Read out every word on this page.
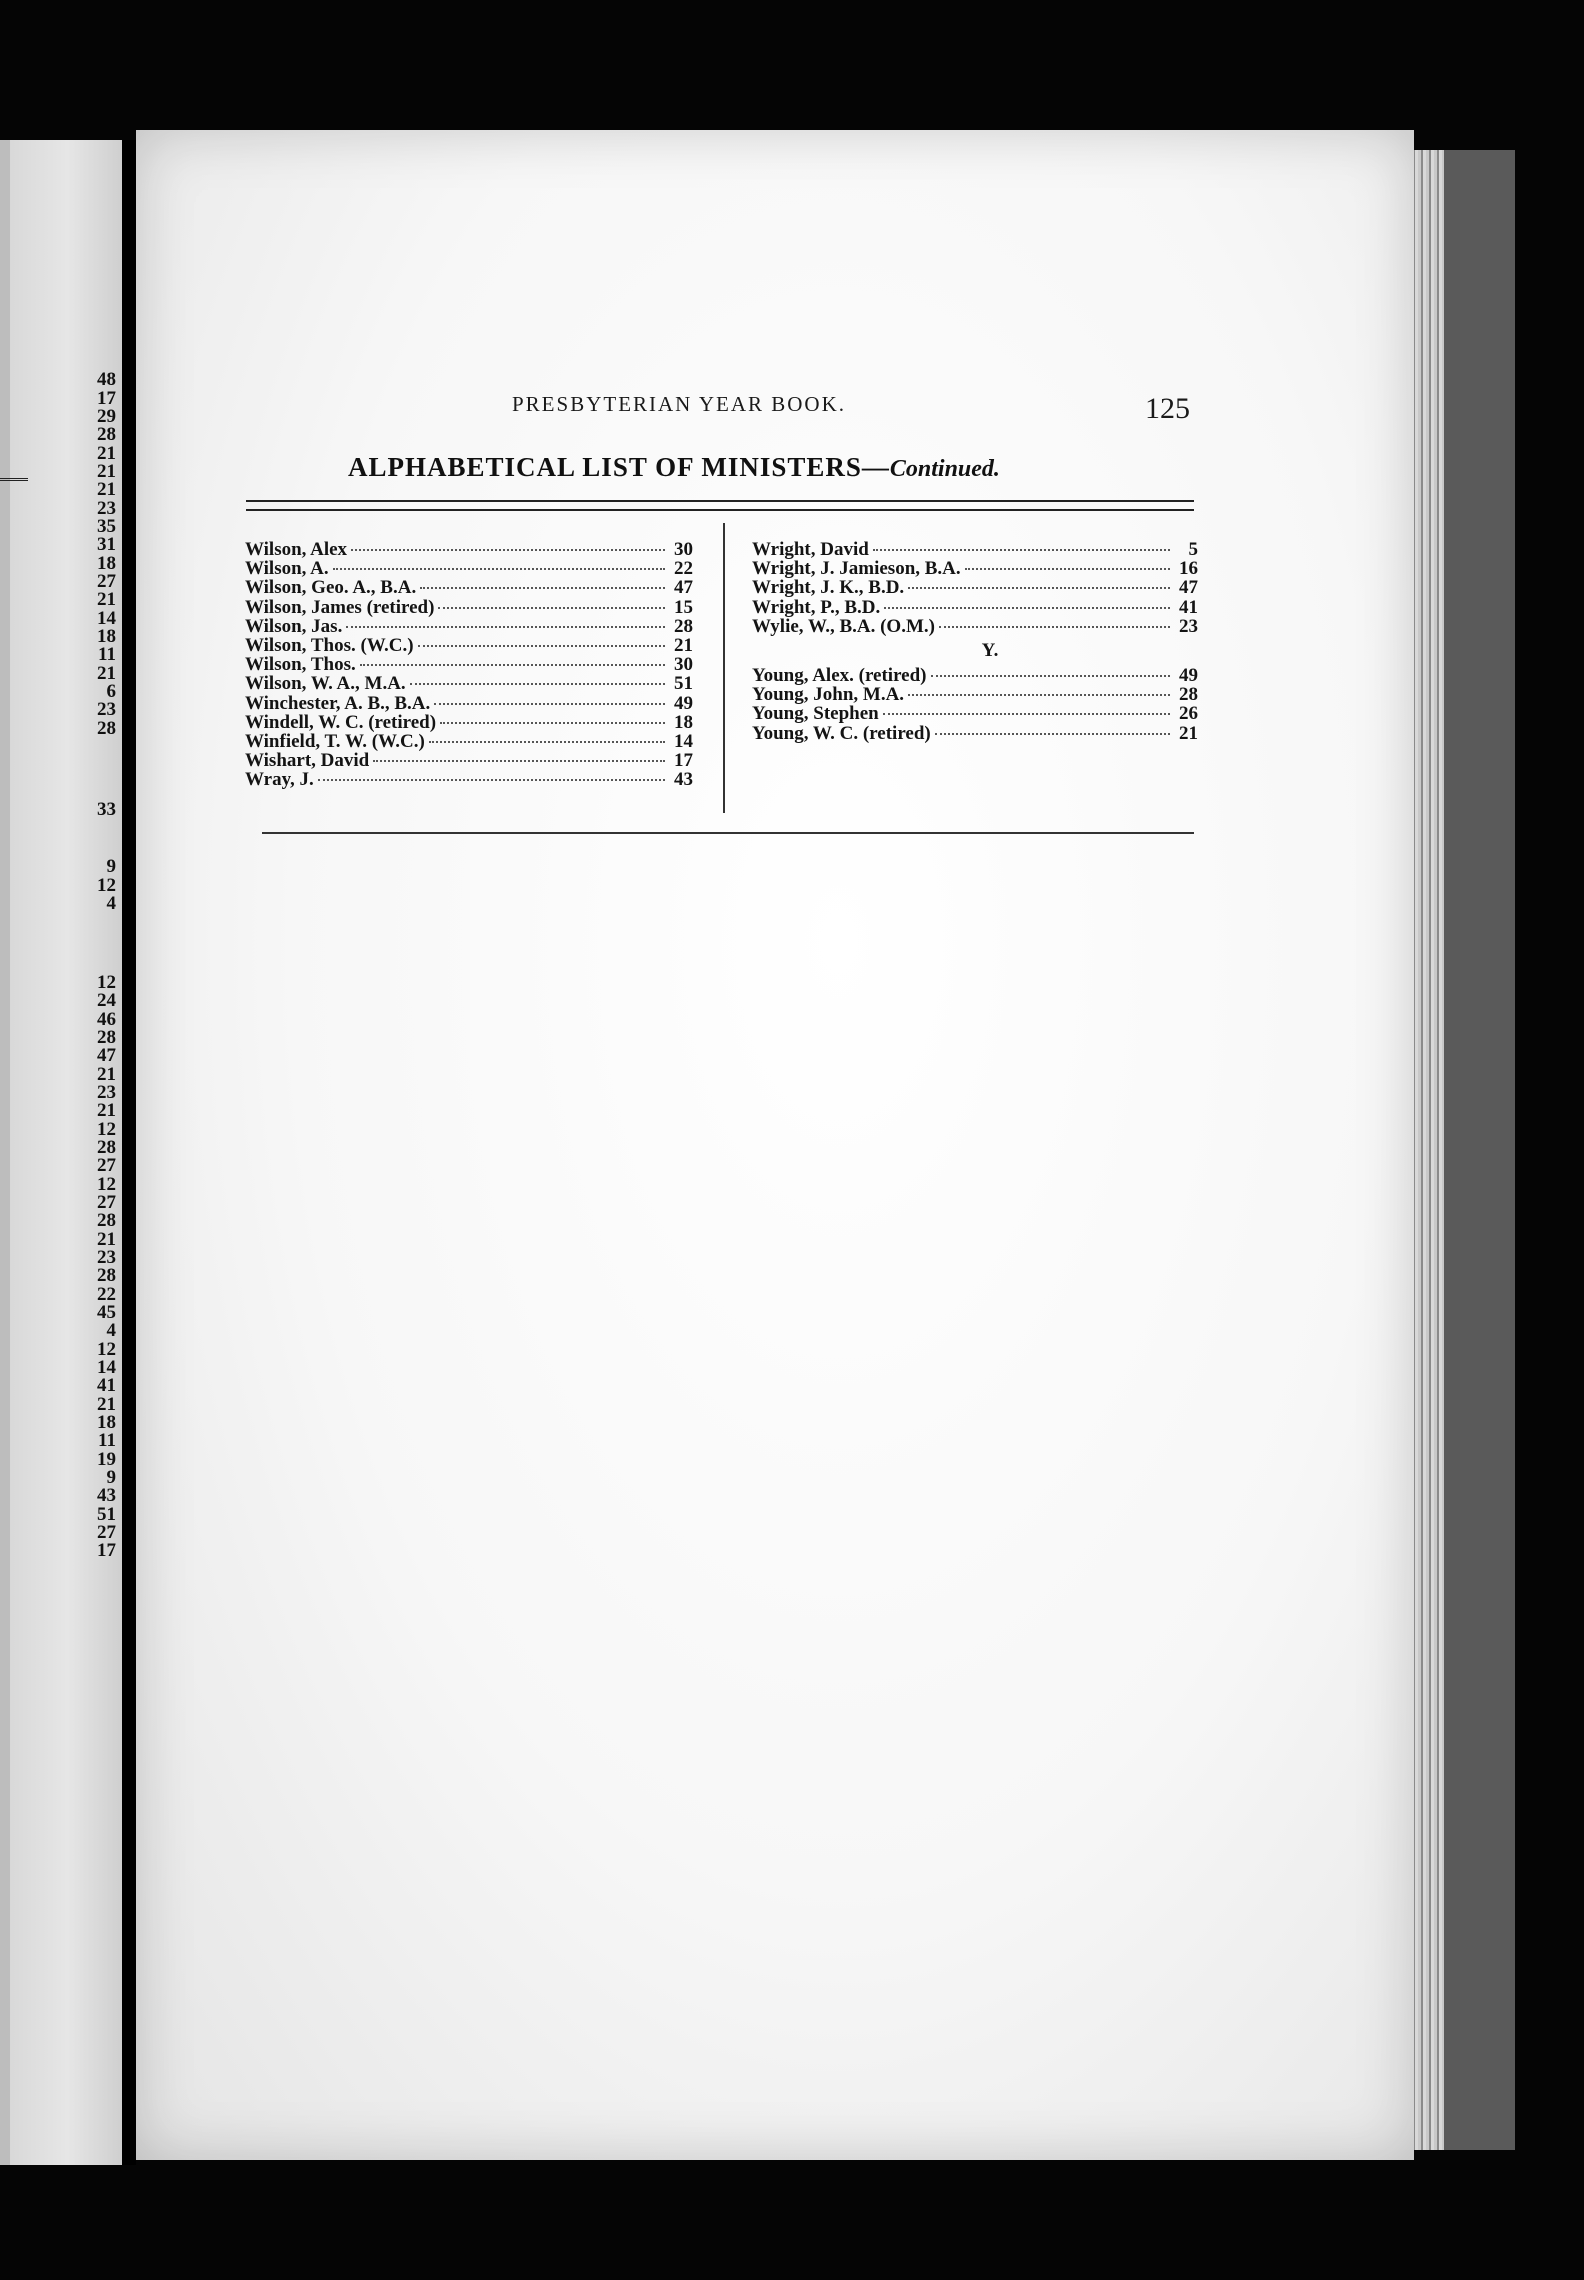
48
17
29
28
21
21
21
23
35
31
18
27
21
14
18
11
21
6
23
28
33
9
12
4
12
24
46
28
47
21
23
21
12
28
27
12
27
28
21
23
28
22
45
4
12
14
41
21
18
11
19
9
43
51
27
17
PRESBYTERIAN YEAR BOOK.	125
ALPHABETICAL LIST OF MINISTERS—Continued.
Wilson, Alex	30
Wilson, A.	22
Wilson, Geo. A., B.A.	47
Wilson, James (retired)	15
Wilson, Jas.	28
Wilson, Thos. (W.C.)	21
Wilson, Thos.	30
Wilson, W. A., M.A.	51
Winchester, A. B., B.A.	49
Windell, W. C. (retired)	18
Winfield, T. W. (W.C.)	14
Wishart, David	17
Wray, J.	43
Wright, David	5
Wright, J. Jamieson, B.A.	16
Wright, J. K., B.D.	47
Wright, P., B.D.	41
Wylie, W., B.A. (O.M.)	23
Y.
Young, Alex. (retired)	49
Young, John, M.A.	28
Young, Stephen	26
Young, W. C. (retired)	21
